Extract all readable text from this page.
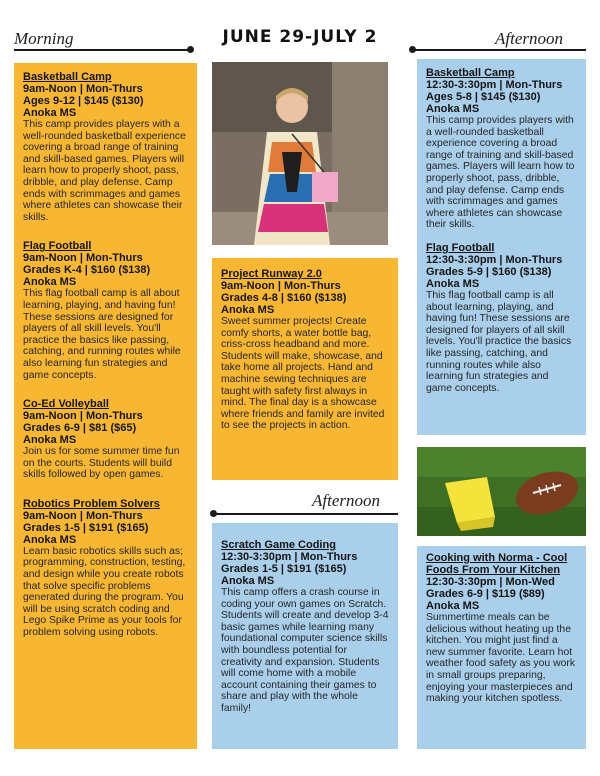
Morning	JUNE 29-JULY 2	Afternoon
Basketball Camp
9am-Noon | Mon-Thurs
Ages 9-12 | $145 ($130)
Anoka MS
This camp provides players with a well-rounded basketball experience covering a broad range of training and skill-based games. Players will learn how to properly shoot, pass, dribble, and play defense. Camp ends with scrimmages and games where athletes can showcase their skills.
Flag Football
9am-Noon | Mon-Thurs
Grades K-4 | $160 ($138)
Anoka MS
This flag football camp is all about learning, playing, and having fun! These sessions are designed for players of all skill levels. You'll practice the basics like passing, catching, and running routes while also learning fun strategies and game concepts.
Co-Ed Volleyball
9am-Noon | Mon-Thurs
Grades 6-9 | $81 ($65)
Anoka MS
Join us for some summer time fun on the courts. Students will build skills followed by open games.
Robotics Problem Solvers
9am-Noon | Mon-Thurs
Grades 1-5 | $191 ($165)
Anoka MS
Learn basic robotics skills such as; programming, construction, testing, and design while you create robots that solve specific problems generated during the program. You will be using scratch coding and Lego Spike Prime as your tools for problem solving using robots.
Project Runway 2.0
9am-Noon | Mon-Thurs
Grades 4-8 | $160 ($138)
Anoka MS
Sweet summer projects! Create comfy shorts, a water bottle bag, criss-cross headband and more. Students will make, showcase, and take home all projects. Hand and machine sewing techniques are taught with safety first always in mind. The final day is a showcase where friends and family are invited to see the projects in action.
Afternoon
Scratch Game Coding
12:30-3:30pm | Mon-Thurs
Grades 1-5 | $191 ($165)
Anoka MS
This camp offers a crash course in coding your own games on Scratch. Students will create and develop 3-4 basic games while learning many foundational computer science skills with boundless potential for creativity and expansion. Students will come home with a mobile account containing their games to share and play with the whole family!
Basketball Camp
12:30-3:30pm | Mon-Thurs
Ages 5-8 | $145 ($130)
Anoka MS
This camp provides players with a well-rounded basketball experience covering a broad range of training and skill-based games. Players will learn how to properly shoot, pass, dribble, and play defense. Camp ends with scrimmages and games where athletes can showcase their skills.
Flag Football
12:30-3:30pm | Mon-Thurs
Grades 5-9 | $160 ($138)
Anoka MS
This flag football camp is all about learning, playing, and having fun! These sessions are designed for players of all skill levels. You'll practice the basics like passing, catching, and running routes while also learning fun strategies and game concepts.
Cooking with Norma - Cool Foods From Your Kitchen
12:30-3:30pm | Mon-Wed
Grades 6-9 | $119 ($89)
Anoka MS
Summertime meals can be delicious without heating up the kitchen. You might just find a new summer favorite. Learn hot weather food safety as you work in small groups preparing, enjoying your masterpieces and making your kitchen spotless.
